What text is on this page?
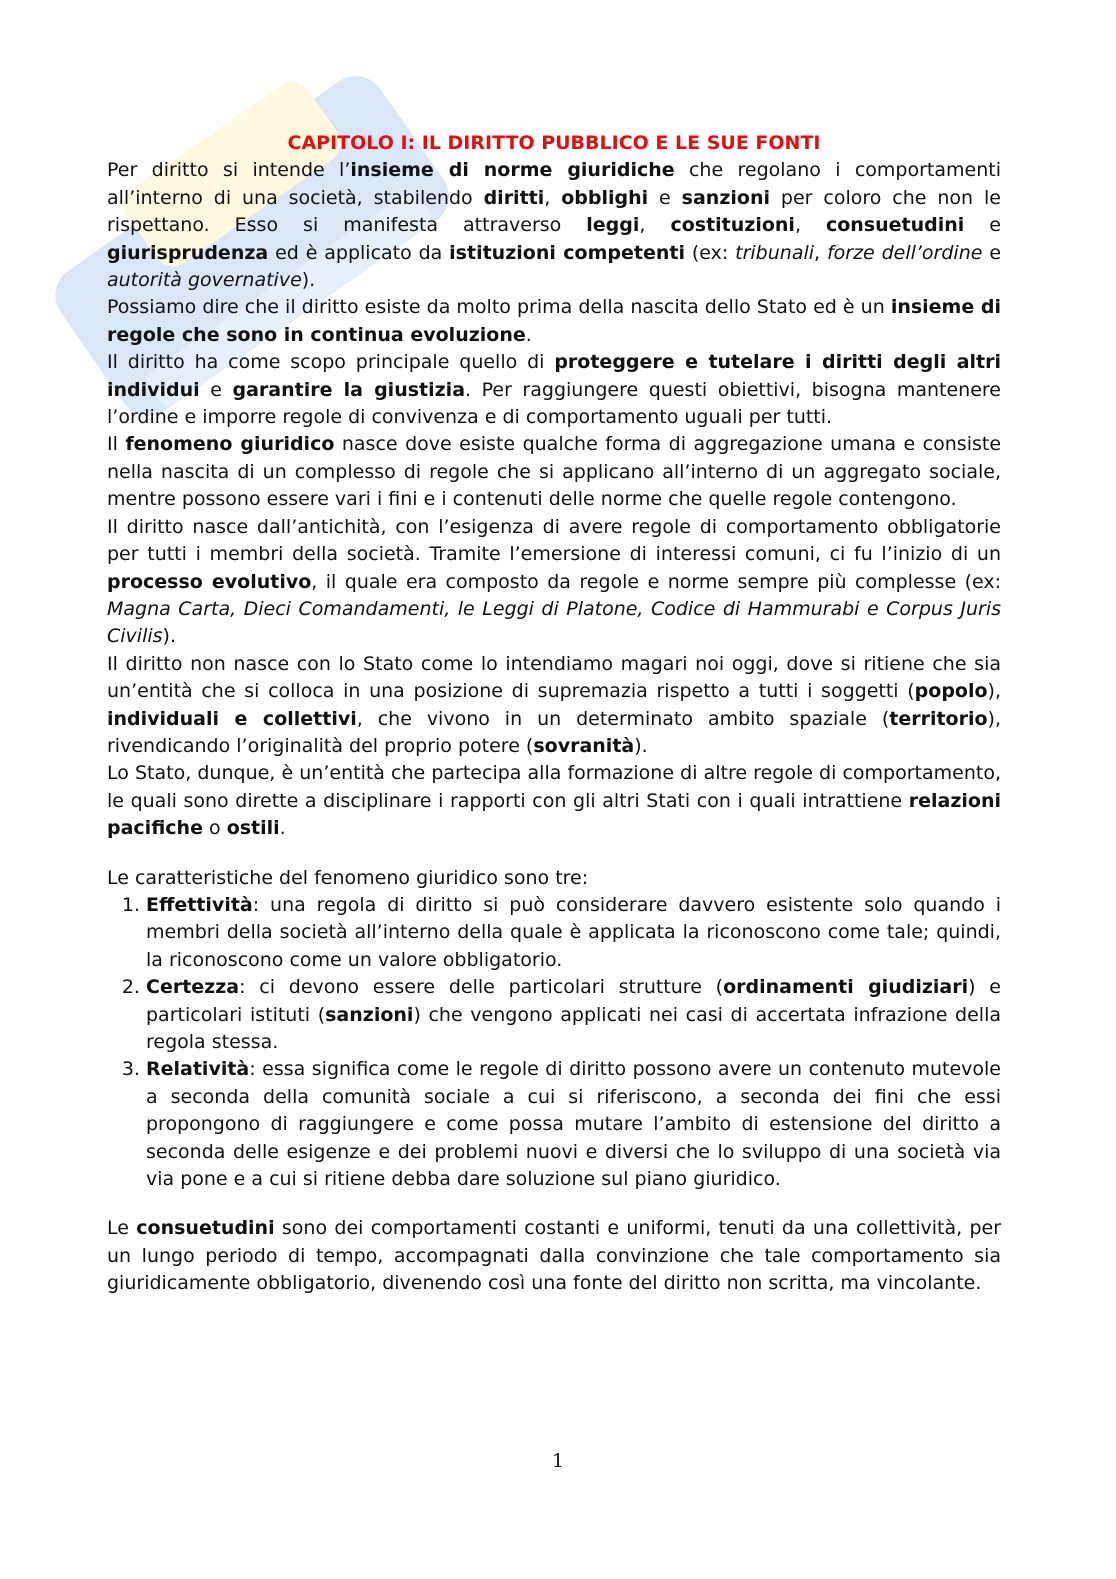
CAPITOLO I: IL DIRITTO PUBBLICO E LE SUE FONTI

Per diritto si intende l’insieme di norme giuridiche che regolano i comportamenti all’interno di una società, stabilendo diritti, obblighi e sanzioni per coloro che non le rispettano. Esso si manifesta attraverso leggi, costituzioni, consuetudini e giurisprudenza ed è applicato da istituzioni competenti (ex: tribunali, forze dell’ordine e autorità governative).

Possiamo dire che il diritto esiste da molto prima della nascita dello Stato ed è un insieme di regole che sono in continua evoluzione.

Il diritto ha come scopo principale quello di proteggere e tutelare i diritti degli altri individui e garantire la giustizia. Per raggiungere questi obiettivi, bisogna mantenere l’ordine e imporre regole di convivenza e di comportamento uguali per tutti.

Il fenomeno giuridico nasce dove esiste qualche forma di aggregazione umana e consiste nella nascita di un complesso di regole che si applicano all’interno di un aggregato sociale, mentre possono essere vari i fini e i contenuti delle norme che quelle regole contengono.

Il diritto nasce dall’antichità, con l’esigenza di avere regole di comportamento obbligatorie per tutti i membri della società. Tramite l’emersione di interessi comuni, ci fu l’inizio di un processo evolutivo, il quale era composto da regole e norme sempre più complesse (ex: Magna Carta, Dieci Comandamenti, le Leggi di Platone, Codice di Hammurabi e Corpus Juris Civilis).

Il diritto non nasce con lo Stato come lo intendiamo magari noi oggi, dove si ritiene che sia un’entità che si colloca in una posizione di supremazia rispetto a tutti i soggetti (popolo), individuali e collettivi, che vivono in un determinato ambito spaziale (territorio), rivendicando l’originalità del proprio potere (sovranità).

Lo Stato, dunque, è un’entità che partecipa alla formazione di altre regole di comportamento, le quali sono dirette a disciplinare i rapporti con gli altri Stati con i quali intrattiene relazioni pacifiche o ostili.

Le caratteristiche del fenomeno giuridico sono tre:

1. Effettività: una regola di diritto si può considerare davvero esistente solo quando i membri della società all’interno della quale è applicata la riconoscono come tale; quindi, la riconoscono come un valore obbligatorio.
2. Certezza: ci devono essere delle particolari strutture (ordinamenti giudiziari) e particolari istituti (sanzioni) che vengono applicati nei casi di accertata infrazione della regola stessa.
3. Relatività: essa significa come le regole di diritto possono avere un contenuto mutevole a seconda della comunità sociale a cui si riferiscono, a seconda dei fini che essi propongono di raggiungere e come possa mutare l’ambito di estensione del diritto a seconda delle esigenze e dei problemi nuovi e diversi che lo sviluppo di una società via via pone e a cui si ritiene debba dare soluzione sul piano giuridico.

Le consuetudini sono dei comportamenti costanti e uniformi, tenuti da una collettività, per un lungo periodo di tempo, accompagnati dalla convinzione che tale comportamento sia giuridicamente obbligatorio, divenendo così una fonte del diritto non scritta, ma vincolante.

1
